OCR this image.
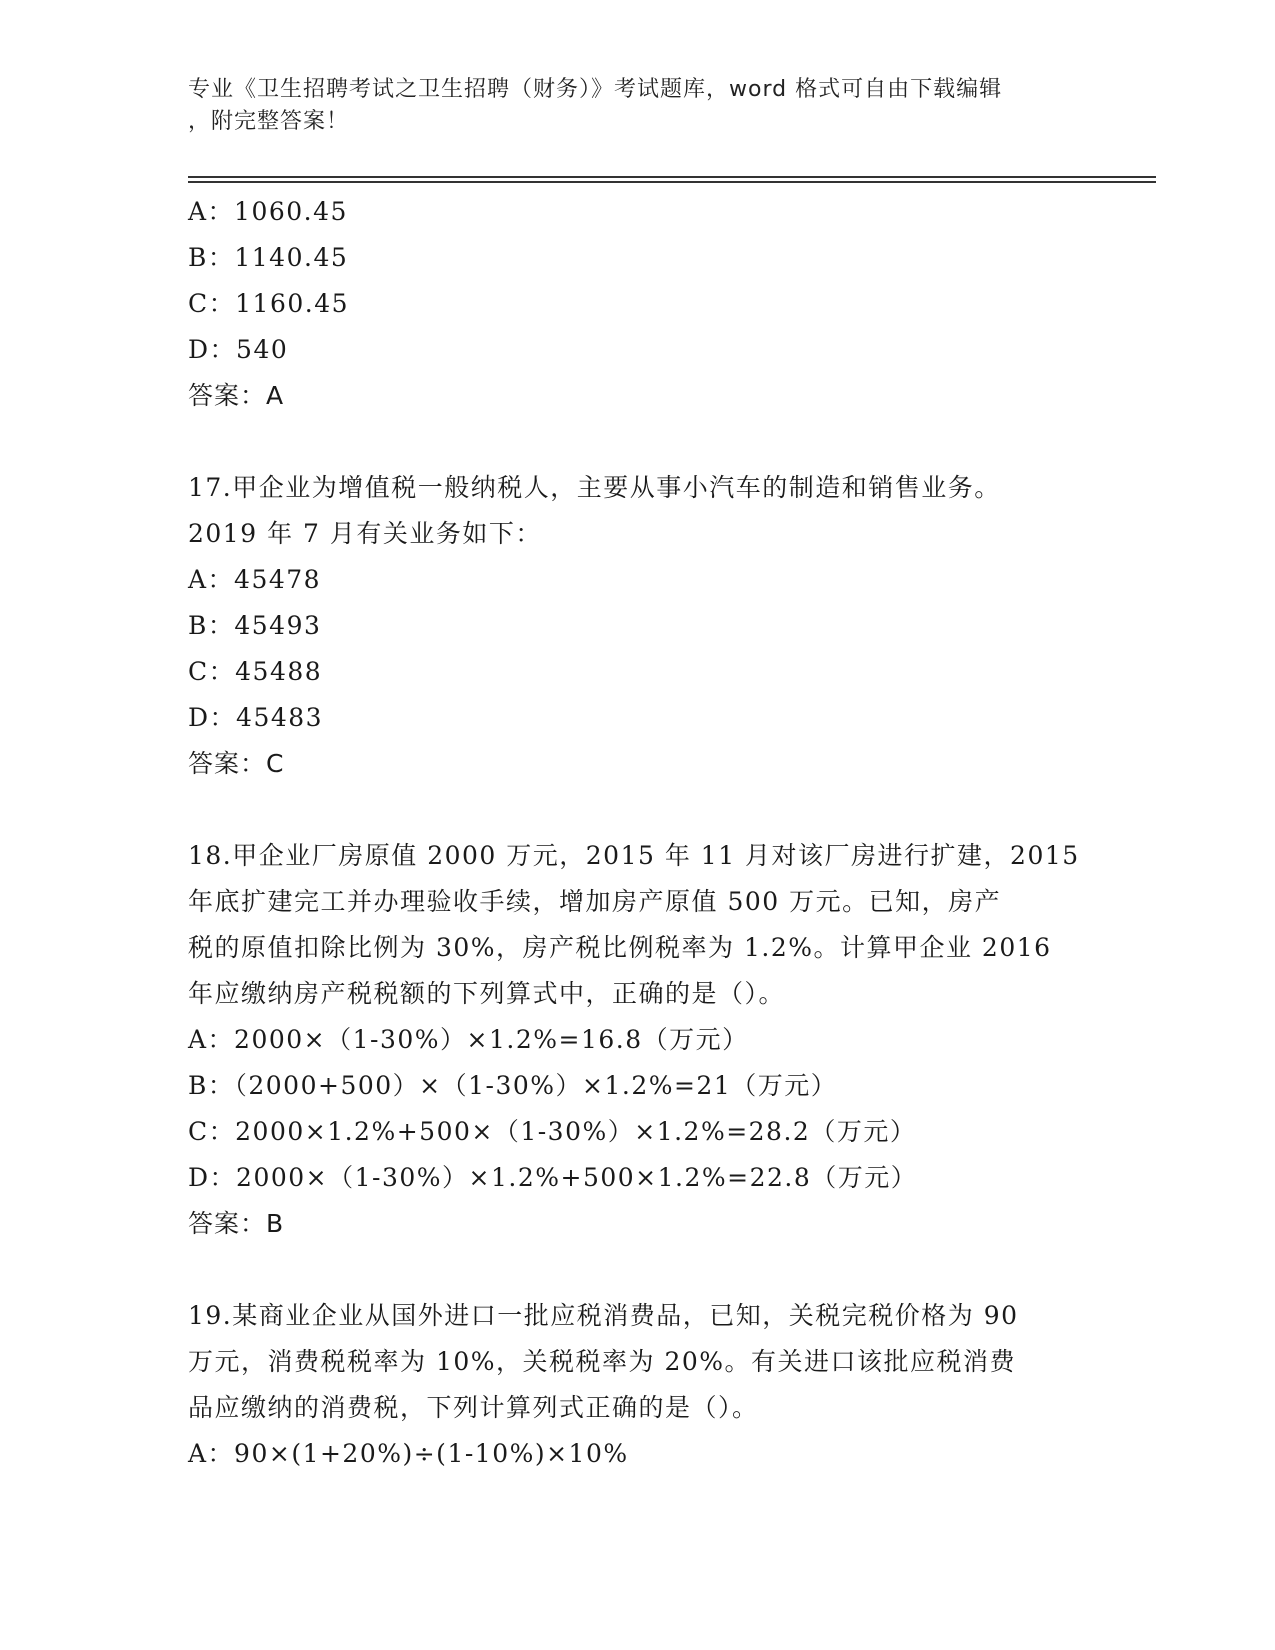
专业《卫生招聘考试之卫生招聘（财务）》考试题库，word 格式可自由下载编辑
，附完整答案！
A：1060.45
B：1140.45
C：1160.45
D：540
答案：A
17.甲企业为增值税一般纳税人，主要从事小汽车的制造和销售业务。
2019 年 7 月有关业务如下：
A：45478
B：45493
C：45488
D：45483
答案：C
18.甲企业厂房原值 2000 万元，2015 年 11 月对该厂房进行扩建，2015
年底扩建完工并办理验收手续，增加房产原值 500 万元。已知，房产
税的原值扣除比例为 30%，房产税比例税率为 1.2%。计算甲企业 2016
年应缴纳房产税税额的下列算式中，正确的是（）。
A：2000×（1-30%）×1.2%=16.8（万元）
B：（2000+500）×（1-30%）×1.2%=21（万元）
C：2000×1.2%+500×（1-30%）×1.2%=28.2（万元）
D：2000×（1-30%）×1.2%+500×1.2%=22.8（万元）
答案：B
19.某商业企业从国外进口一批应税消费品，已知，关税完税价格为 90
万元，消费税税率为 10%，关税税率为 20%。有关进口该批应税消费
品应缴纳的消费税，下列计算列式正确的是（）。
A：90×(1+20%)÷(1-10%)×10%
